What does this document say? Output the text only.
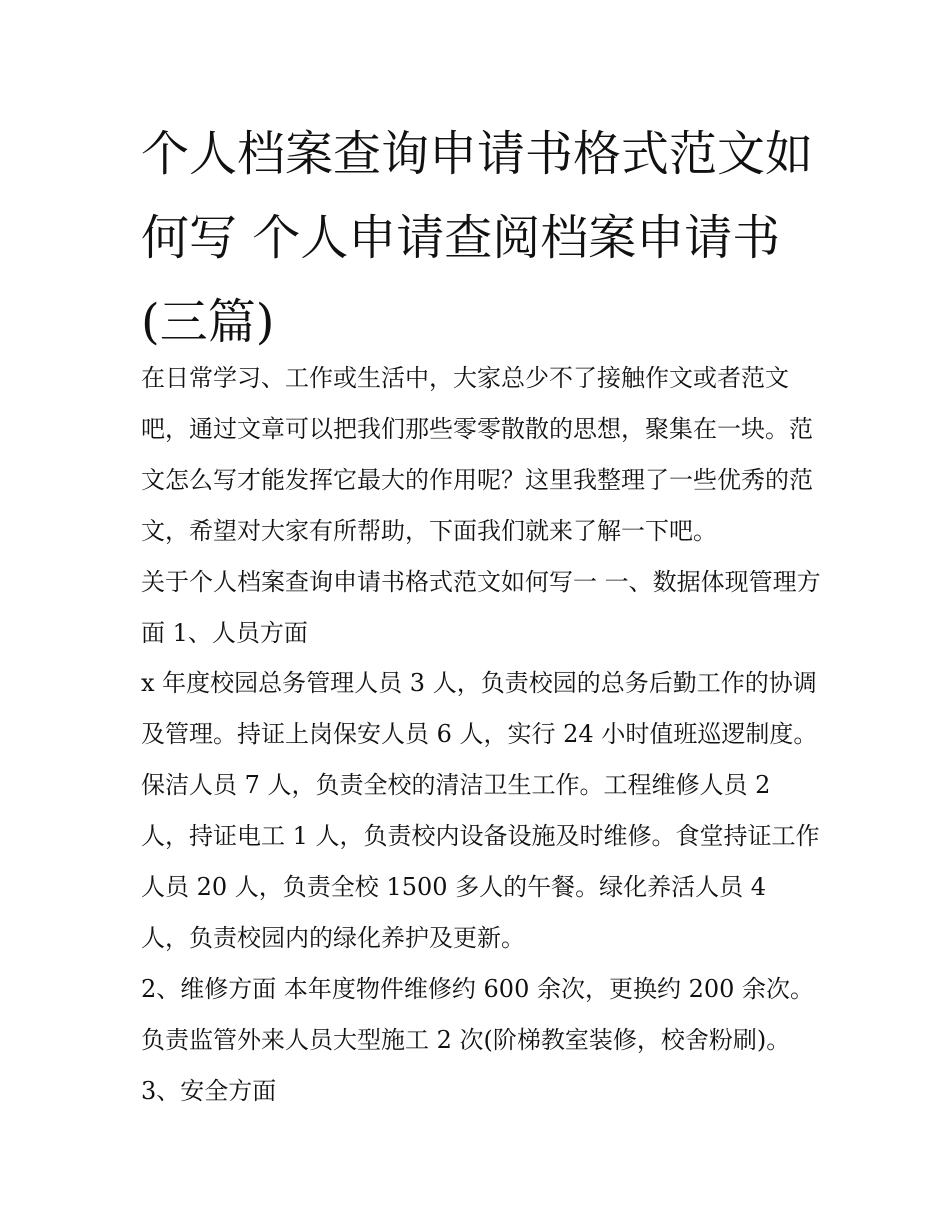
个人档案查询申请书格式范文如何写 个人申请查阅档案申请书(三篇)

在日常学习、工作或生活中，大家总少不了接触作文或者范文吧，通过文章可以把我们那些零零散散的思想，聚集在一块。范文怎么写才能发挥它最大的作用呢？这里我整理了一些优秀的范文，希望对大家有所帮助，下面我们就来了解一下吧。

关于个人档案查询申请书格式范文如何写一 一、数据体现管理方面 1、人员方面

x 年度校园总务管理人员 3 人，负责校园的总务后勤工作的协调及管理。持证上岗保安人员 6 人，实行 24 小时值班巡逻制度。保洁人员 7 人，负责全校的清洁卫生工作。工程维修人员 2 人，持证电工 1 人，负责校内设备设施及时维修。食堂持证工作人员 20 人，负责全校 1500 多人的午餐。绿化养活人员 4 人，负责校园内的绿化养护及更新。

2、维修方面 本年度物件维修约 600 余次，更换约 200 余次。负责监管外来人员大型施工 2 次(阶梯教室装修，校舍粉刷)。

3、安全方面
